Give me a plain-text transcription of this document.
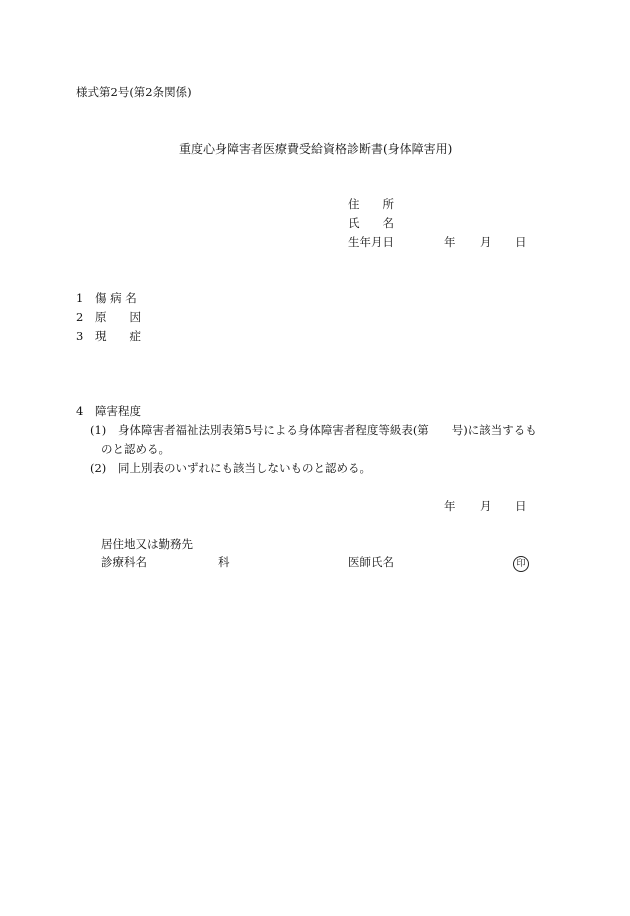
様式第2号(第2条関係)
重度心身障害者医療費受給資格診断書(身体障害用)
住　　所
氏　　名
生年月日	年 月 日
1 傷 病 名
2 原　　因
3 現　　症
4 障害程度
(1) 身体障害者福祉法別表第5号による身体障害者程度等級表(第　　号)に該当するも
のと認める。
(2) 同上別表のいずれにも該当しないものと認める。
年 月 日
居住地又は勤務先
診療科名	科	医師氏名	印
